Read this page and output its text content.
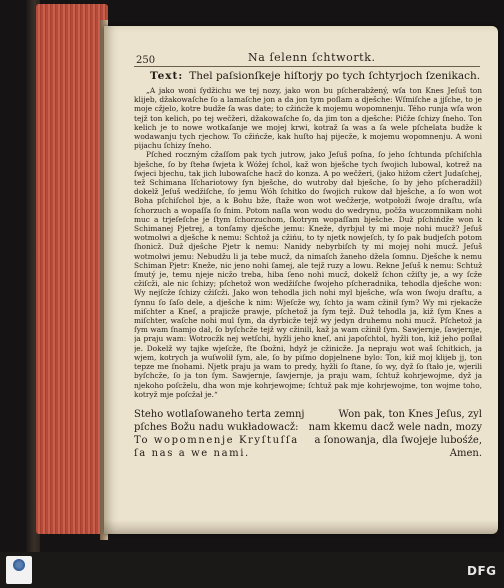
250	Na ſelenn ſchtwortk.
Text: Thel paſsionſkeje hiſtorjy po tych ſchtyrjoch ſzenikach.

„A jako woni ſydžichu we tej nozy, jako won bu pſcherabžený, wſa ton Knes Jeſuš ton klijeb, džakowaſche ſo a lamaſche jon a da jon tym poſlam a dješche: Wſmiſche a jjſche, to je moje cžjelo, kotre budže ſa was date; to cžińcže k mojemu wopomnenju. Tého runja wſa won tejž ton kelich, po tej wečžeri, džakowaſche ſo, da jim ton a dješche: Pičže ſchizy ſneho. Ton kelich je to nowe wotkaſanje we mojej krwi, kotraž ſa was a ſa wele pſchelata budže k wodawanju tych rjechow. To cžińcže, kak huſto haj pijecže, k mojemu wopomnenju. A woni pijachu ſchizy ſneho.

Pſched roczným cžaſſom pak tych jutrow, jako Jeſuš poſna, ſo jeho ſchtunda pſchiſchla bješche, ſo by ſtehø ſwjeta k Wóžej ſchol, kaž won bješche tych ſwojich lubowal, kotrež na ſwjeci bjechu, tak jich lubowaſche hacž do konza. A po wečžeri, (jako hižom cžert Judaſchej, tež Schimana Iſchariotowy ſyn bješche, do wutroby dał bješche, ſo by jeho pſcheradžil) dokelž Jeſuš wedžiſche, ſo jemu Wóh ſchitko do ſwojich rukow dał bješche, a ſo won wot Boha pſchiſchol bje, a k Bohu bže, ſtaže won wot wečžerje, wotpołoži ſwoje draſtu, wſa ſchorzuch a wopaſſa ſo ſnim. Potom naſla won wodu do wedrynu, počža wuczomnikam nohi muc a trjeſeſche je ſtym ſchorzuchom, ſkotrym wopaſſam bješche. Duž pſchińdže won k Schimanej Pjetrej, a tonſamy dješche jemu: Kneže, dyrbjuł ty mi moje nohi mucž? Jeſuš wotmolwi a dješche k nemu: Schtož ja cžińu, to ty njetk nowjeſch, ty ſo pak budjeſch potom ſhonicž. Duž dješche Pjetr k nemu: Nanidy nebyrbiſch ty mi mojej nohi mucž. Jeſuš wotmolwi jemu: Nebudžu li ja tebe mucž, da nimaſch žaneho džela ſomnu. Dješche k nemu Schiman Pjetr: Kneže, nic jeno nohi ſamej, ale tejž ruzy a lowu. Rekne Jeſuš k nemu: Schtuž ſmutý je, temu njeje nicžo treba, hiba ſeno nohi mucž, dokelž ſchon cžiſty je, a wy ſcže cžiſcži, ale nic ſchizy; pſchetož won wedžiſche ſwojeho pſcheradnika, tehodla dješche won: Wy nejſcže ſchizy cžiſcži. Jako won tehodla jich nohi myl bješche, wſa won ſwoju draſtu, a ſynnu ſo ſaſo dele, a dješche k nim: Wjeſcže wy, ſchto ja wam cžinił ſym? Wy mi rjekacže miſchter a Kneſ, a prajicže prawje, pſchetož ja ſym tejž. Duž tehodla ja, kiž ſym Knes a miſchter, waſche nohi mul ſym, da dyrbicže tejž wy jedyn druhemu nohi mucž. Pſchetož ja ſym wam ſnamjo dał, ſo byſchcže tejž wy cžinili, kaž ja wam cžinił ſym. Sawjernje, ſawjernje, ja praju wam: Wotrocžk nej wetſchi, hyžli jeho kneſ, ani japoſchtol, hyžli ton, kiž jeho poſłał je. Dokelž wy tajke wjeſcže, ſte ſbožni, hdyž je cžinicže. Ja nepraju wot waš ſchitkich, ja wjem, kotrych ja wuſwolił ſym, ale, ſo by piſmo dopjelnene bylo: Ton, kiž moj klijeb jj, ton tepze me ſnohami. Njetk praju ja wam to predy, hyžli ſo ſtane, ſo wy, dyž ſo ſtało je, wjerili byſchcže, ſo ja ton ſym. Sawjernje, ſawjernje, ja praju wam, ſchtuž kohrjewojme, dyž ja njekoho poſcželu, dha won mje kohrjewojme; ſchtuž pak mje kohrjewojme, ton wojme toho, kotryž mje poſcžał je.“

Steho wotlaſowaneho terta zemnj	Won pak, ton Knes Jeſus, zyl
pſches Božu nadu wukładowacž: nam kkemu dacž wele nadn, mozy
To wopomnenje Kryſtuſſa a ſonowanja, dla ſwojeje lubośźe,
ſa nas a we nami.	Amen.
DFG
